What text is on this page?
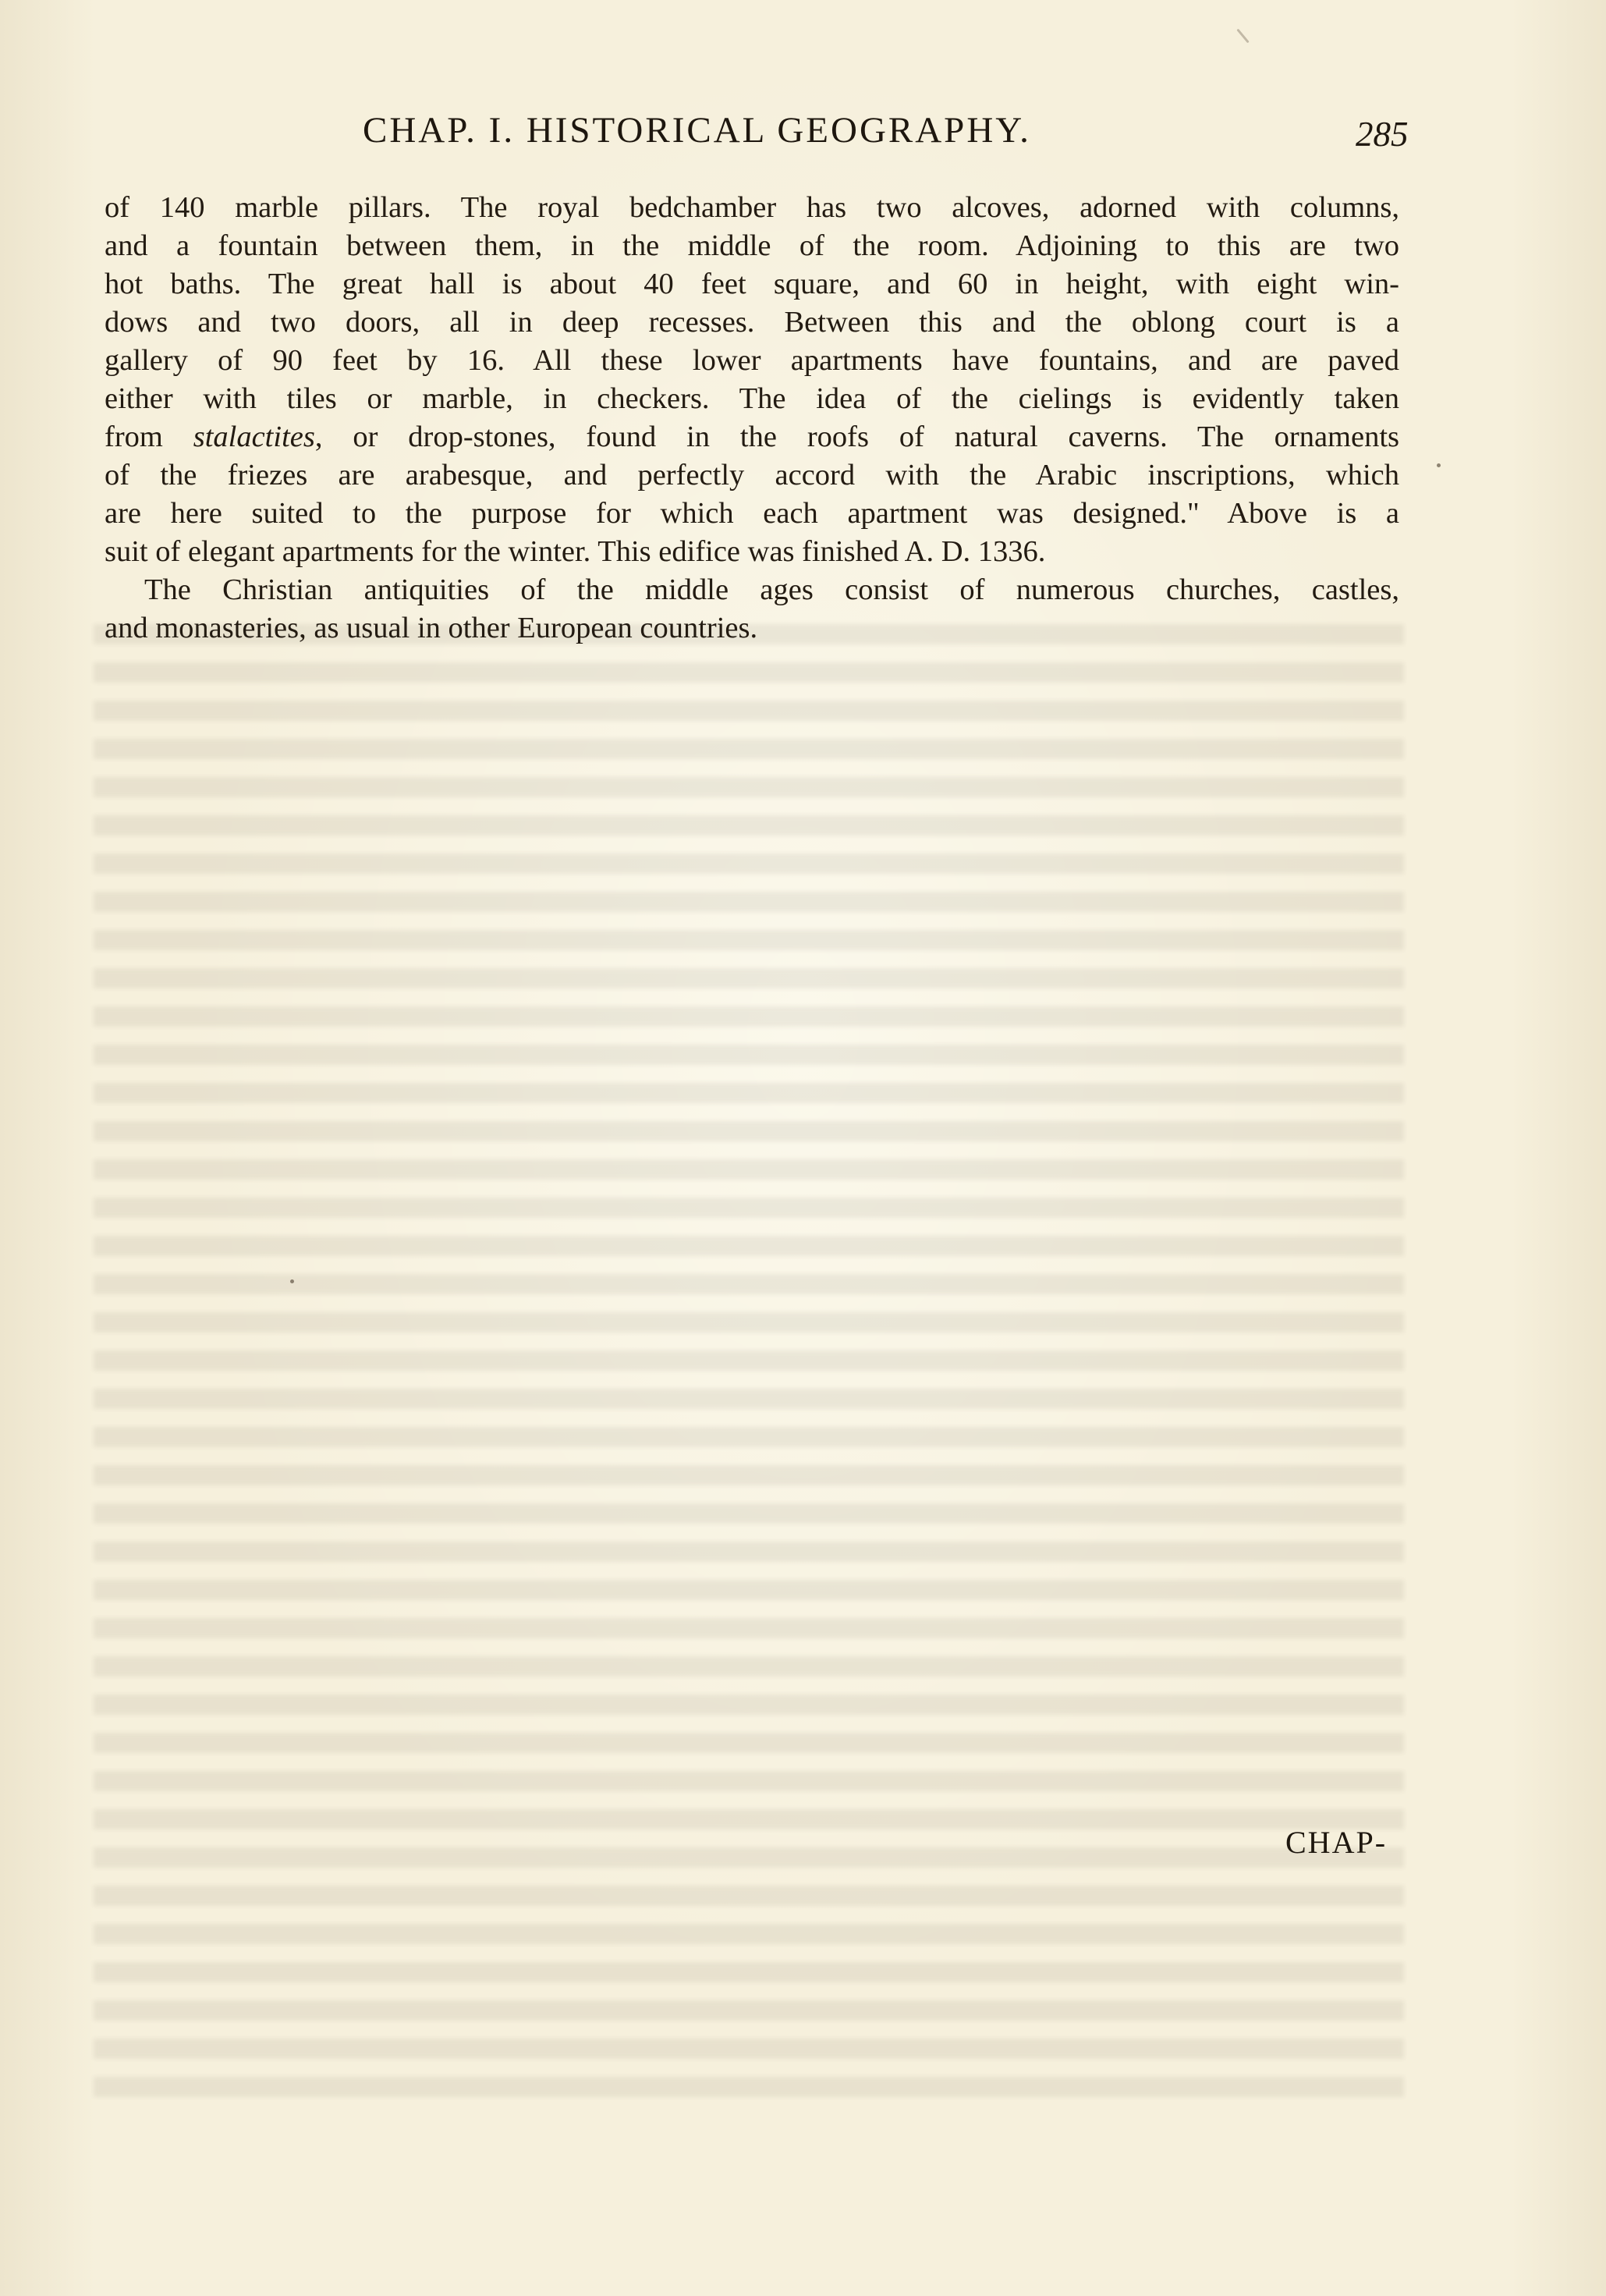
CHAP. I. HISTORICAL GEOGRAPHY.	285
of 140 marble pillars. The royal bedchamber has two alcoves, adorned with columns,
and a fountain between them, in the middle of the room. Adjoining to this are two
hot baths. The great hall is about 40 feet square, and 60 in height, with eight win-
dows and two doors, all in deep recesses. Between this and the oblong court is a
gallery of 90 feet by 16. All these lower apartments have fountains, and are paved
either with tiles or marble, in checkers. The idea of the cielings is evidently taken
from stalactites, or drop-stones, found in the roofs of natural caverns. The ornaments
of the friezes are arabesque, and perfectly accord with the Arabic inscriptions, which
are here suited to the purpose for which each apartment was designed." Above is a
suit of elegant apartments for the winter. This edifice was finished A. D. 1336.
The Christian antiquities of the middle ages consist of numerous churches, castles,
and monasteries, as usual in other European countries.
CHAP-
